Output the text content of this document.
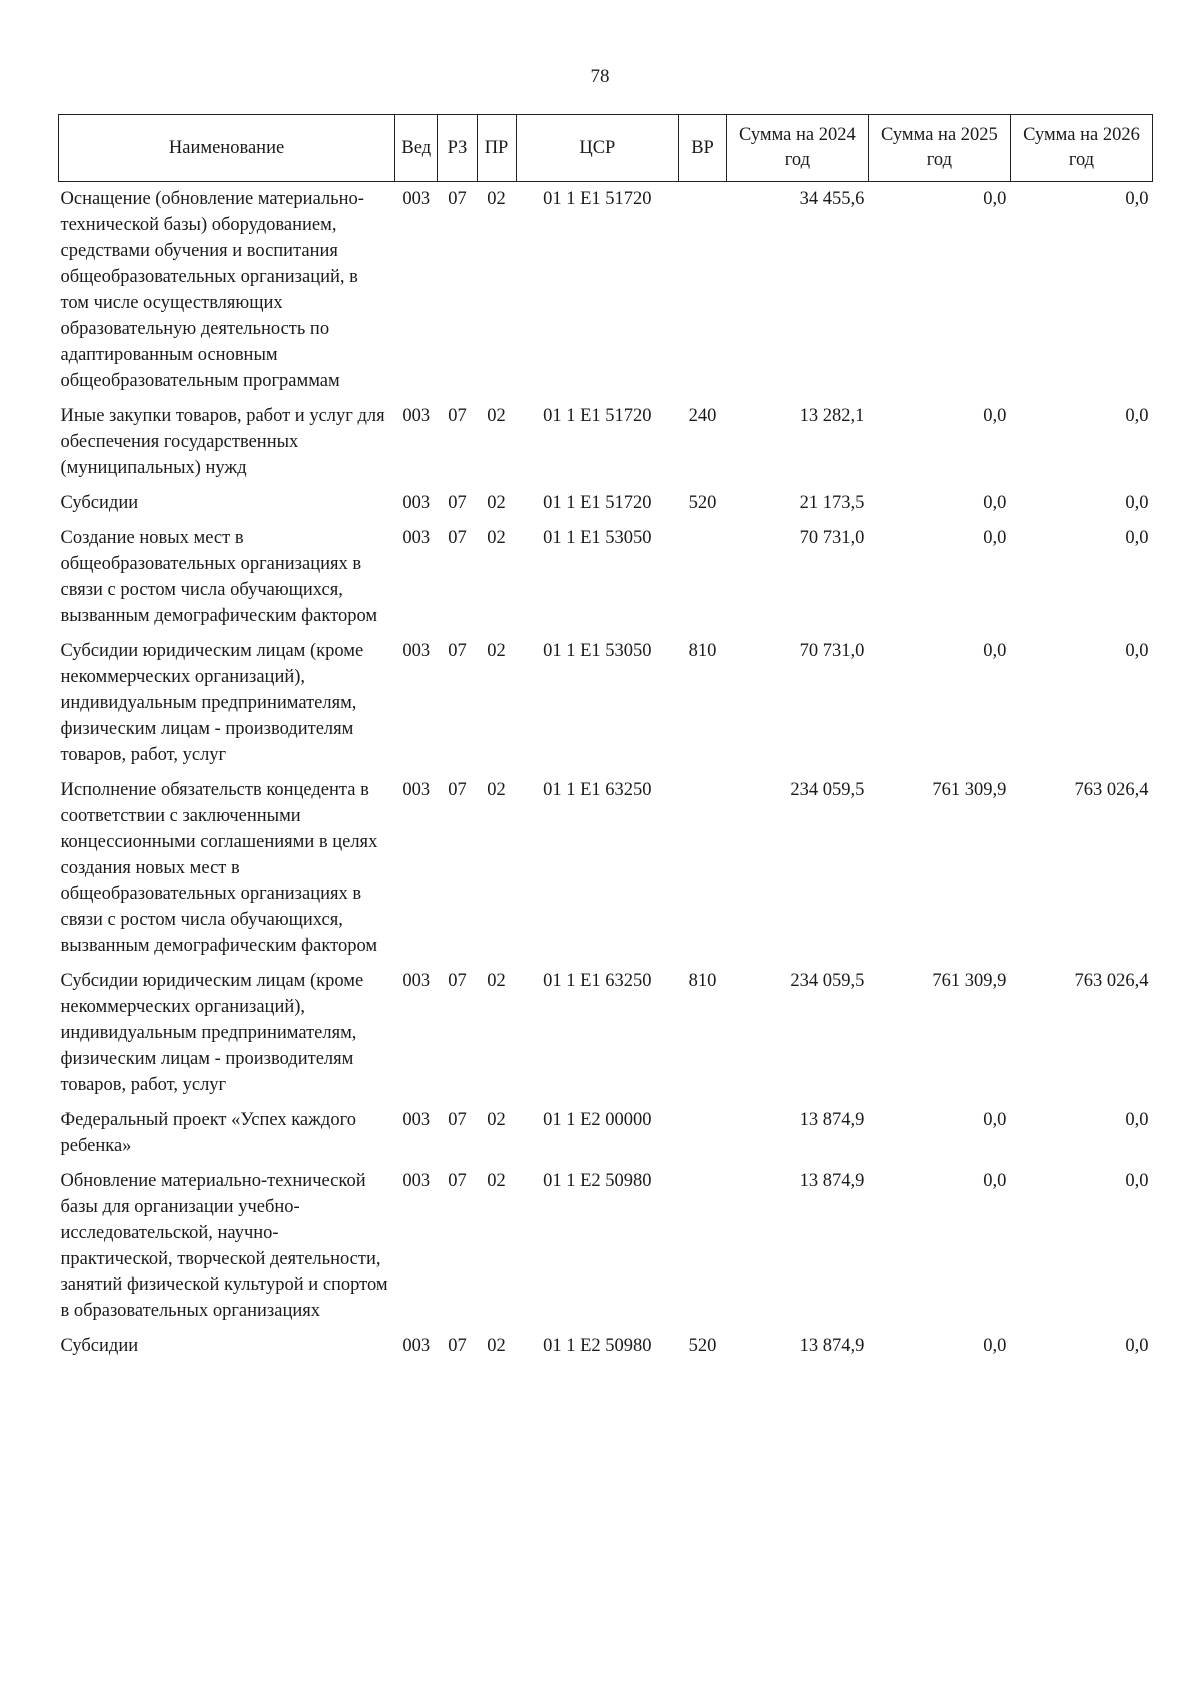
78
Наименование	Вед	РЗ	ПР	ЦСР	ВР	Сумма на 2024 год	Сумма на 2025 год	Сумма на 2026 год
Оснащение (обновление материально-технической базы) оборудованием, средствами обучения и воспитания общеобразовательных организаций, в том числе осуществляющих образовательную деятельность по адаптированным основным общеобразовательным программам	003	07	02	01 1 E1 51720		34 455,6	0,0	0,0
Иные закупки товаров, работ и услуг для обеспечения государственных (муниципальных) нужд	003	07	02	01 1 E1 51720	240	13 282,1	0,0	0,0
Субсидии	003	07	02	01 1 E1 51720	520	21 173,5	0,0	0,0
Создание новых мест в общеобразовательных организациях в связи с ростом числа обучающихся, вызванным демографическим фактором	003	07	02	01 1 E1 53050		70 731,0	0,0	0,0
Субсидии юридическим лицам (кроме некоммерческих организаций), индивидуальным предпринимателям, физическим лицам - производителям товаров, работ, услуг	003	07	02	01 1 E1 53050	810	70 731,0	0,0	0,0
Исполнение обязательств концедента в соответствии с заключенными концессионными соглашениями в целях создания новых мест в общеобразовательных организациях в связи с ростом числа обучающихся, вызванным демографическим фактором	003	07	02	01 1 E1 63250		234 059,5	761 309,9	763 026,4
Субсидии юридическим лицам (кроме некоммерческих организаций), индивидуальным предпринимателям, физическим лицам - производителям товаров, работ, услуг	003	07	02	01 1 E1 63250	810	234 059,5	761 309,9	763 026,4
Федеральный проект «Успех каждого ребенка»	003	07	02	01 1 E2 00000		13 874,9	0,0	0,0
Обновление материально-технической базы для организации учебно-исследовательской, научно-практической, творческой деятельности, занятий физической культурой и спортом в образовательных организациях	003	07	02	01 1 E2 50980		13 874,9	0,0	0,0
Субсидии	003	07	02	01 1 E2 50980	520	13 874,9	0,0	0,0
